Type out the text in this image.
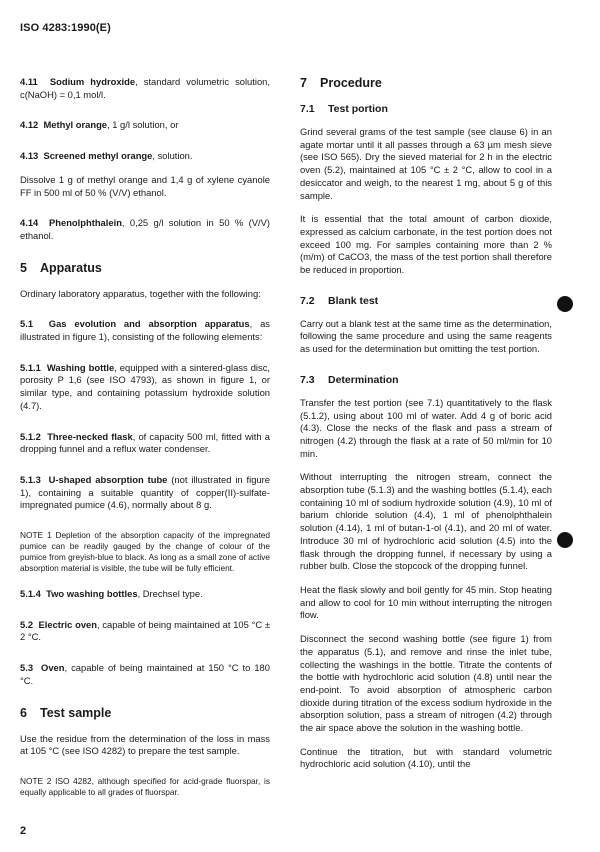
ISO 4283:1990(E)

4.11 Sodium hydroxide, standard volumetric solution, c(NaOH) = 0,1 mol/l.

4.12 Methyl orange, 1 g/l solution, or

4.13 Screened methyl orange, solution.

Dissolve 1 g of methyl orange and 1,4 g of xylene cyanole FF in 500 ml of 50 % (V/V) ethanol.

4.14 Phenolphthalein, 0,25 g/l solution in 50 % (V/V) ethanol.

5 Apparatus

Ordinary laboratory apparatus, together with the following:

5.1 Gas evolution and absorption apparatus, as illustrated in figure 1), consisting of the following elements:

5.1.1 Washing bottle, equipped with a sintered-glass disc, porosity P 1,6 (see ISO 4793), as shown in figure 1, or similar type, and containing potassium hydroxide solution (4.7).

5.1.2 Three-necked flask, of capacity 500 ml, fitted with a dropping funnel and a reflux water condenser.

5.1.3 U-shaped absorption tube (not illustrated in figure 1), containing a suitable quantity of copper(II)-sulfate-impregnated pumice (4.6), normally about 8 g.

NOTE 1 Depletion of the absorption capacity of the impregnated pumice can be readily gauged by the change of colour of the pumice from greyish-blue to black. As long as a small zone of active absorption material is visible, the tube will be fully efficient.

5.1.4 Two washing bottles, Drechsel type.

5.2 Electric oven, capable of being maintained at 105 °C ± 2 °C.

5.3 Oven, capable of being maintained at 150 °C to 180 °C.

6 Test sample

Use the residue from the determination of the loss in mass at 105 °C (see ISO 4282) to prepare the test sample.

NOTE 2 ISO 4282, although specified for acid-grade fluorspar, is equally applicable to all grades of fluorspar.

7 Procedure
7.1 Test portion

Grind several grams of the test sample (see clause 6) in an agate mortar until it all passes through a 63 µm mesh sieve (see ISO 565). Dry the sieved material for 2 h in the electric oven (5.2), maintained at 105 °C ± 2 °C, allow to cool in a desiccator and weigh, to the nearest 1 mg, about 5 g of this sample.

It is essential that the total amount of carbon dioxide, expressed as calcium carbonate, in the test portion does not exceed 100 mg. For samples containing more than 2 % (m/m) of CaCO3, the mass of the test portion shall therefore be reduced in proportion.

7.2 Blank test

Carry out a blank test at the same time as the determination, following the same procedure and using the same reagents as used for the determination but omitting the test portion.

7.3 Determination

Transfer the test portion (see 7.1) quantitatively to the flask (5.1.2), using about 100 ml of water. Add 4 g of boric acid (4.3). Close the necks of the flask and pass a stream of nitrogen (4.2) through the flask at a rate of 50 ml/min for 10 min.

Without interrupting the nitrogen stream, connect the absorption tube (5.1.3) and the washing bottles (5.1.4), each containing 10 ml of sodium hydroxide solution (4.9), 10 ml of barium chloride solution (4.4), 1 ml of phenolphthalein solution (4.14), 1 ml of butan-1-ol (4.1), and 20 ml of water. Introduce 30 ml of hydrochloric acid solution (4.5) into the flask through the dropping funnel, if necessary by using a rubber bulb. Close the stopcock of the dropping funnel.

Heat the flask slowly and boil gently for 45 min. Stop heating and allow to cool for 10 min without interrupting the nitrogen flow.

Disconnect the second washing bottle (see figure 1) from the apparatus (5.1), and remove and rinse the inlet tube, collecting the washings in the bottle. Titrate the contents of the bottle with hydrochloric acid solution (4.8) until near the end-point. To avoid absorption of atmospheric carbon dioxide during titration of the excess sodium hydroxide in the absorption solution, pass a stream of nitrogen (4.2) through the air space above the solution in the washing bottle.

Continue the titration, but with standard volumetric hydrochloric acid solution (4.10), until the

2
